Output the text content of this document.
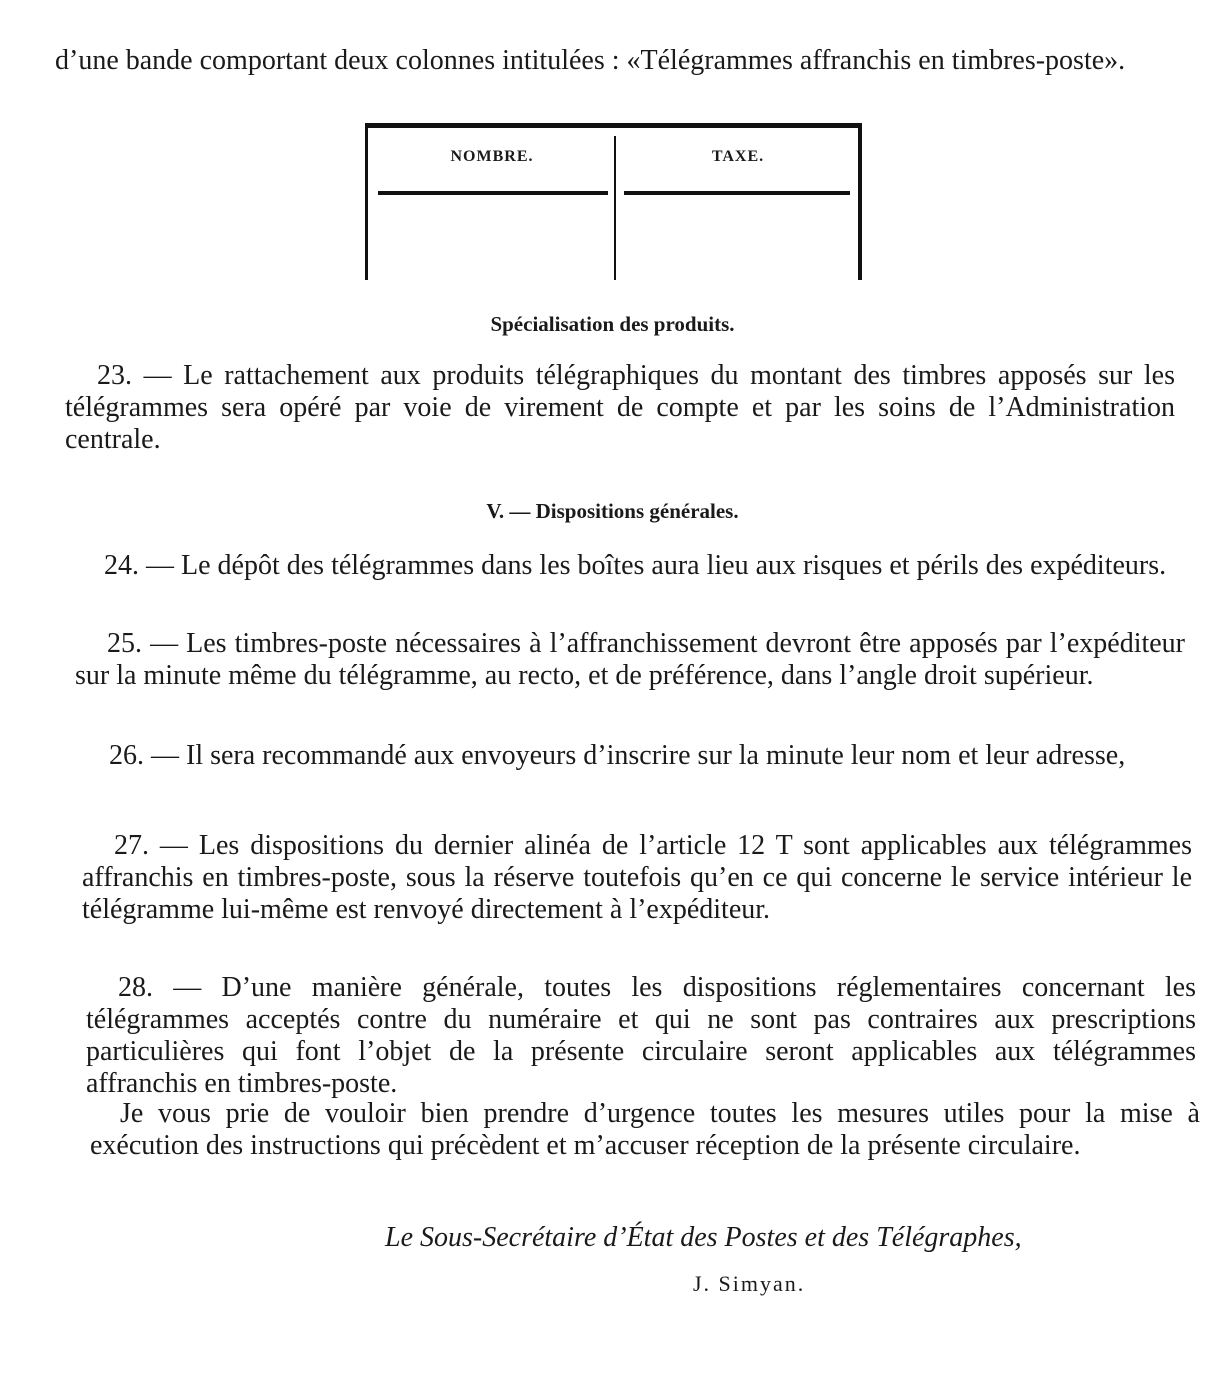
d’une bande comportant deux colonnes intitulées : «Télégrammes affranchis en timbres-poste».

NOMBRE.	TAXE.

Spécialisation des produits.

23. — Le rattachement aux produits télégraphiques du montant des timbres apposés sur les télégrammes sera opéré par voie de virement de compte et par les soins de l’Administration centrale.

V. — Dispositions générales.

24. — Le dépôt des télégrammes dans les boîtes aura lieu aux risques et périls des expéditeurs.

25. — Les timbres-poste nécessaires à l’affranchissement devront être apposés par l’expéditeur sur la minute même du télégramme, au recto, et de préférence, dans l’angle droit supérieur.

26. — Il sera recommandé aux envoyeurs d’inscrire sur la minute leur nom et leur adresse,

27. — Les dispositions du dernier alinéa de l’article 12 T sont applicables aux télégrammes affranchis en timbres-poste, sous la réserve toutefois qu’en ce qui concerne le service intérieur le télégramme lui-même est renvoyé directement à l’expéditeur.

28. — D’une manière générale, toutes les dispositions réglementaires concernant les télégrammes acceptés contre du numéraire et qui ne sont pas contraires aux prescriptions particulières qui font l’objet de la présente circulaire seront applicables aux télégrammes affranchis en timbres-poste.

Je vous prie de vouloir bien prendre d’urgence toutes les mesures utiles pour la mise à exécution des instructions qui précèdent et m’accuser réception de la présente circulaire.

Le Sous-Secrétaire d’État des Postes et des Télégraphes,

J. Simyan.
